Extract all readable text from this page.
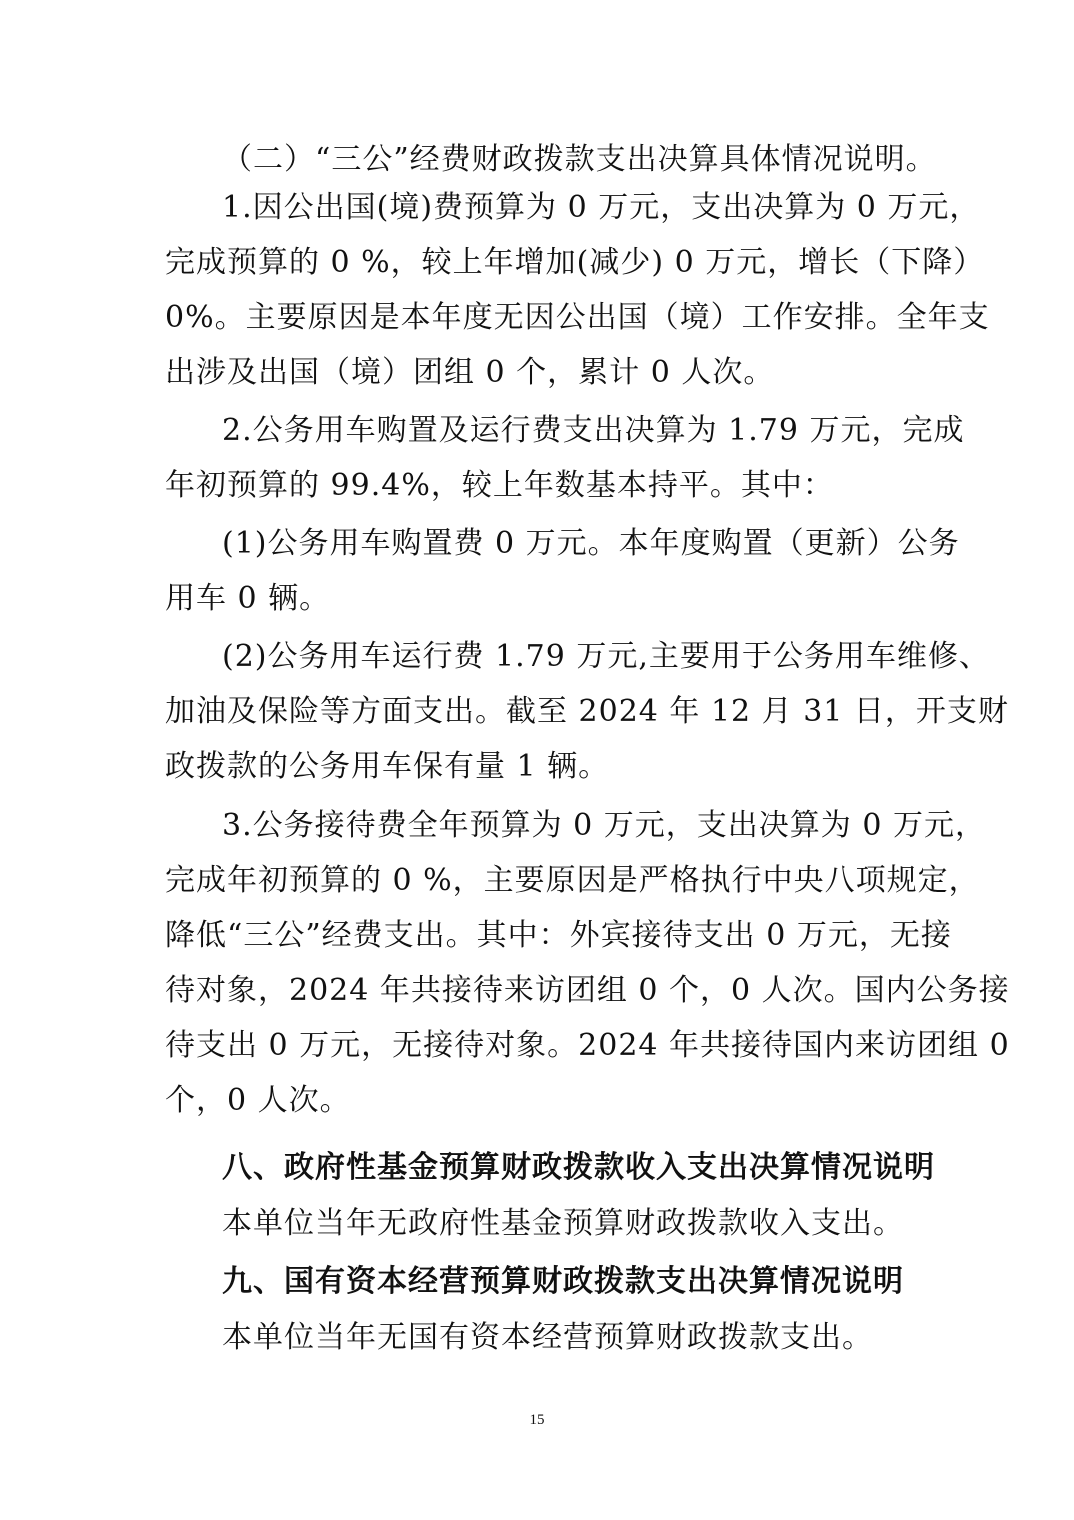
（二）“三公”经费财政拨款支出决算具体情况说明。
1.因公出国(境)费预算为 0 万元，支出决算为 0 万元，
完成预算的 0 %，较上年增加(减少) 0 万元，增长（下降）
0%。主要原因是本年度无因公出国（境）工作安排。全年支
出涉及出国（境）团组 0 个，累计 0 人次。
2.公务用车购置及运行费支出决算为 1.79 万元，完成
年初预算的 99.4%，较上年数基本持平。其中：
(1)公务用车购置费 0 万元。本年度购置（更新）公务
用车 0 辆。
(2)公务用车运行费 1.79 万元,主要用于公务用车维修、
加油及保险等方面支出。截至 2024 年 12 月 31 日，开支财
政拨款的公务用车保有量 1 辆。
3.公务接待费全年预算为 0 万元，支出决算为 0 万元，
完成年初预算的 0 %，主要原因是严格执行中央八项规定，
降低“三公”经费支出。其中：外宾接待支出 0 万元，无接
待对象，2024 年共接待来访团组 0 个，0 人次。国内公务接
待支出 0 万元，无接待对象。2024 年共接待国内来访团组 0
个，0 人次。
八、政府性基金预算财政拨款收入支出决算情况说明
本单位当年无政府性基金预算财政拨款收入支出。
九、国有资本经营预算财政拨款支出决算情况说明
本单位当年无国有资本经营预算财政拨款支出。
15
